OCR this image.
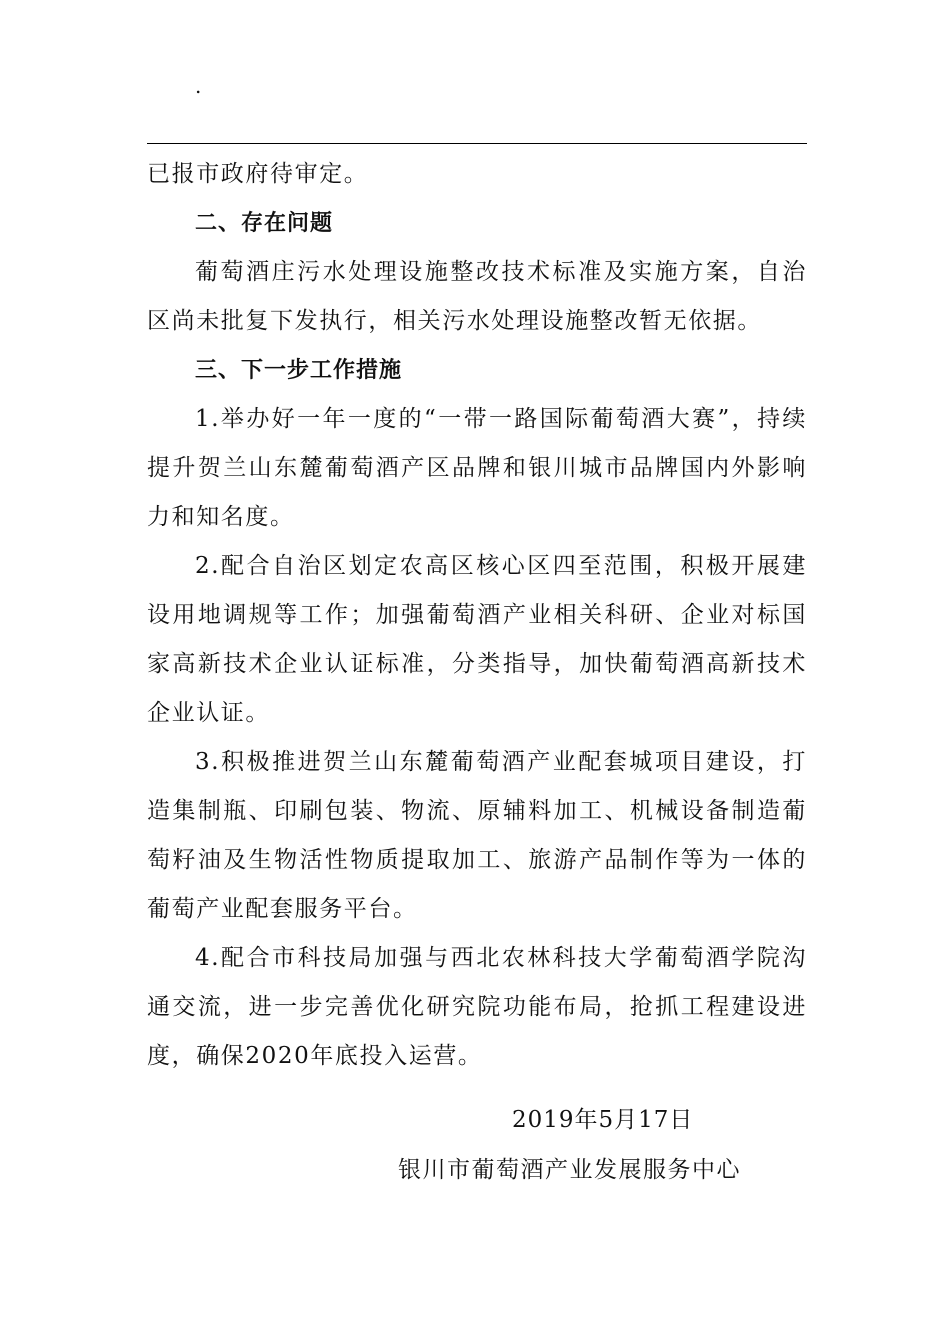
.

已报市政府待审定。

二、存在问题

葡萄酒庄污水处理设施整改技术标准及实施方案，自治区尚未批复下发执行，相关污水处理设施整改暂无依据。

三、下一步工作措施

1.举办好一年一度的“一带一路国际葡萄酒大赛”，持续提升贺兰山东麓葡萄酒产区品牌和银川城市品牌国内外影响力和知名度。

2.配合自治区划定农高区核心区四至范围，积极开展建设用地调规等工作；加强葡萄酒产业相关科研、企业对标国家高新技术企业认证标准，分类指导，加快葡萄酒高新技术企业认证。

3.积极推进贺兰山东麓葡萄酒产业配套城项目建设，打造集制瓶、印刷包装、物流、原辅料加工、机械设备制造葡萄籽油及生物活性物质提取加工、旅游产品制作等为一体的葡萄产业配套服务平台。

4.配合市科技局加强与西北农林科技大学葡萄酒学院沟通交流，进一步完善优化研究院功能布局，抢抓工程建设进度，确保2020年底投入运营。

2019年5月17日
银川市葡萄酒产业发展服务中心
